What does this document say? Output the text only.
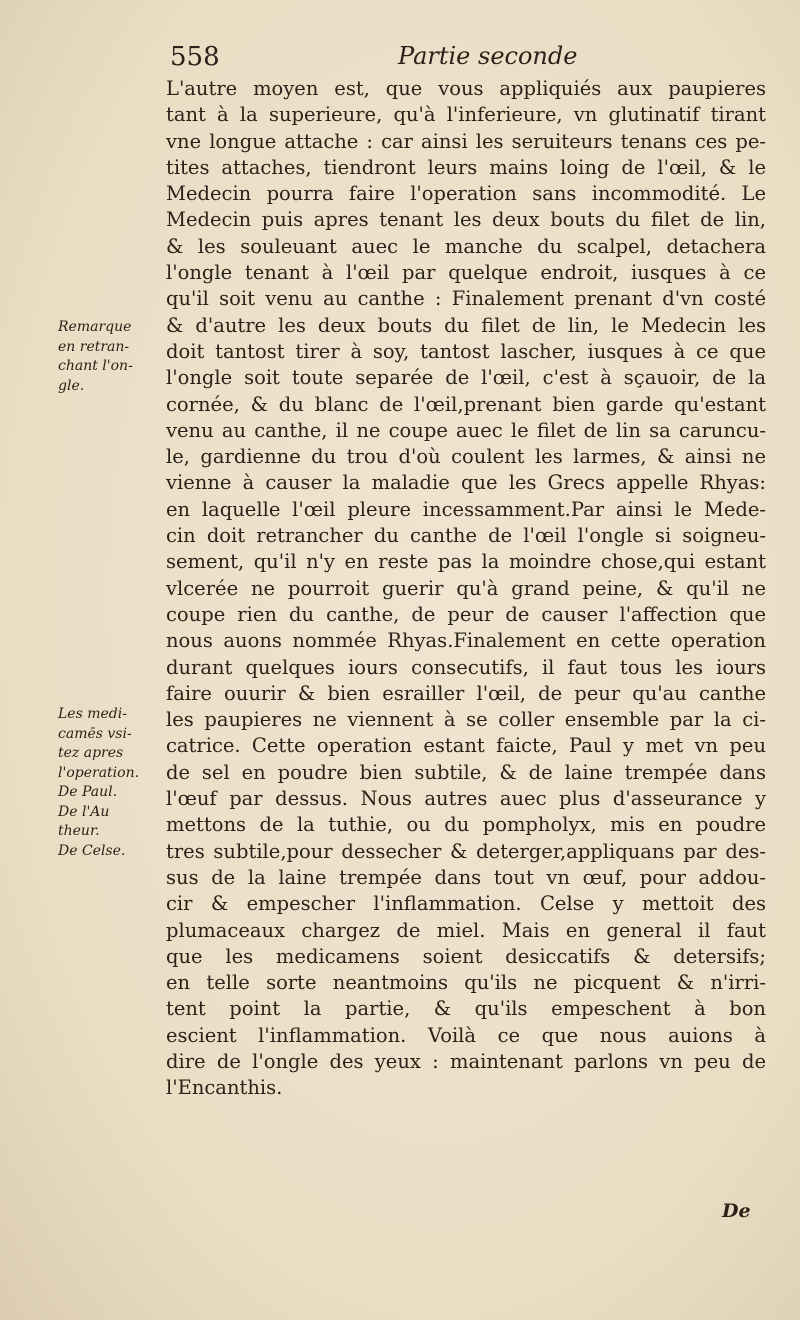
558	Partie seconde
Remarque
en retran-
chant l'on-
gle.
Les medi-
camēs vsi-
tez apres
l'operation.
De Paul.
De l'Au
theur.
De Celse.
L'autre moyen est, que vous appliquiés aux paupieres
tant à la superieure, qu'à l'inferieure, vn glutinatif tirant
vne longue attache : car ainsi les seruiteurs tenans ces pe-
tites attaches, tiendront leurs mains loing de l'œil, & le
Medecin pourra faire l'operation sans incommodité. Le
Medecin puis apres tenant les deux bouts du filet de lin,
& les souleuant auec le manche du scalpel, detachera
l'ongle tenant à l'œil par quelque endroit, iusques à ce
qu'il soit venu au canthe : Finalement prenant d'vn costé
& d'autre les deux bouts du filet de lin, le Medecin les
doit tantost tirer à soy, tantost lascher, iusques à ce que
l'ongle soit toute separée de l'œil, c'est à sçauoir, de la
cornée, & du blanc de l'œil,prenant bien garde qu'estant
venu au canthe, il ne coupe auec le filet de lin sa caruncu-
le, gardienne du trou d'où coulent les larmes, & ainsi ne
vienne à causer la maladie que les Grecs appelle Rhyas:
en laquelle l'œil pleure incessamment.Par ainsi le Mede-
cin doit retrancher du canthe de l'œil l'ongle si soigneu-
sement, qu'il n'y en reste pas la moindre chose,qui estant
vlcerée ne pourroit guerir qu'à grand peine, & qu'il ne
coupe rien du canthe, de peur de causer l'affection que
nous auons nommée Rhyas.Finalement en cette operation
durant quelques iours consecutifs, il faut tous les iours
faire ouurir & bien esrailler l'œil, de peur qu'au canthe
les paupieres ne viennent à se coller ensemble par la ci-
catrice. Cette operation estant faicte, Paul y met vn peu
de sel en poudre bien subtile, & de laine trempée dans
l'œuf par dessus. Nous autres auec plus d'asseurance y
mettons de la tuthie, ou du pompholyx, mis en poudre
tres subtile,pour dessecher & deterger,appliquans par des-
sus de la laine trempée dans tout vn œuf, pour addou-
cir & empescher l'inflammation. Celse y mettoit des
plumaceaux chargez de miel. Mais en general il faut
que les medicamens soient desiccatifs & detersifs;
en telle sorte neantmoins qu'ils ne picquent & n'irri-
tent point la partie, & qu'ils empeschent à bon
escient l'inflammation. Voilà ce que nous auions à
dire de l'ongle des yeux : maintenant parlons vn peu de
l'Encanthis.
De
